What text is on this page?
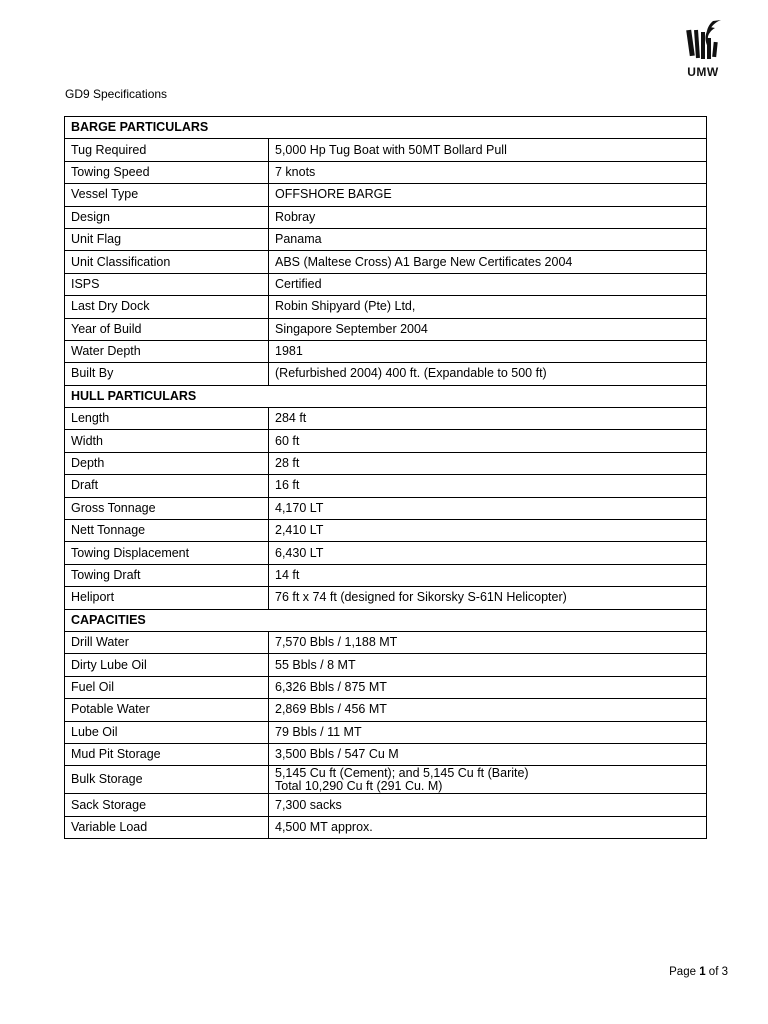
UMW
GD9 Specifications
BARGE PARTICULARS	
Tug Required	5,000 Hp Tug Boat with 50MT Bollard Pull
Towing Speed	7 knots
Vessel Type	OFFSHORE BARGE
Design	Robray
Unit Flag	Panama
Unit Classification	ABS (Maltese Cross) A1 Barge New Certificates 2004
ISPS	Certified
Last Dry Dock	Robin Shipyard (Pte) Ltd,
Year of Build	Singapore September 2004
Water Depth	1981
Built By	(Refurbished 2004) 400 ft. (Expandable to 500 ft)
HULL PARTICULARS	
Length	284 ft
Width	60 ft
Depth	28 ft
Draft	16 ft
Gross Tonnage	4,170 LT
Nett Tonnage	2,410 LT
Towing Displacement	6,430 LT
Towing Draft	14 ft
Heliport	76 ft x 74 ft (designed for Sikorsky S-61N Helicopter)
CAPACITIES	
Drill Water	7,570 Bbls / 1,188 MT
Dirty Lube Oil	55 Bbls / 8 MT
Fuel Oil	6,326 Bbls / 875 MT
Potable Water	2,869 Bbls / 456 MT
Lube Oil	79 Bbls / 11 MT
Mud Pit Storage	3,500 Bbls / 547 Cu M
Bulk Storage	5,145 Cu ft (Cement); and 5,145 Cu ft (Barite)
Total 10,290 Cu ft (291 Cu. M)

Sack Storage	7,300 sacks
Variable Load	4,500 MT approx.
Page 1 of 3
